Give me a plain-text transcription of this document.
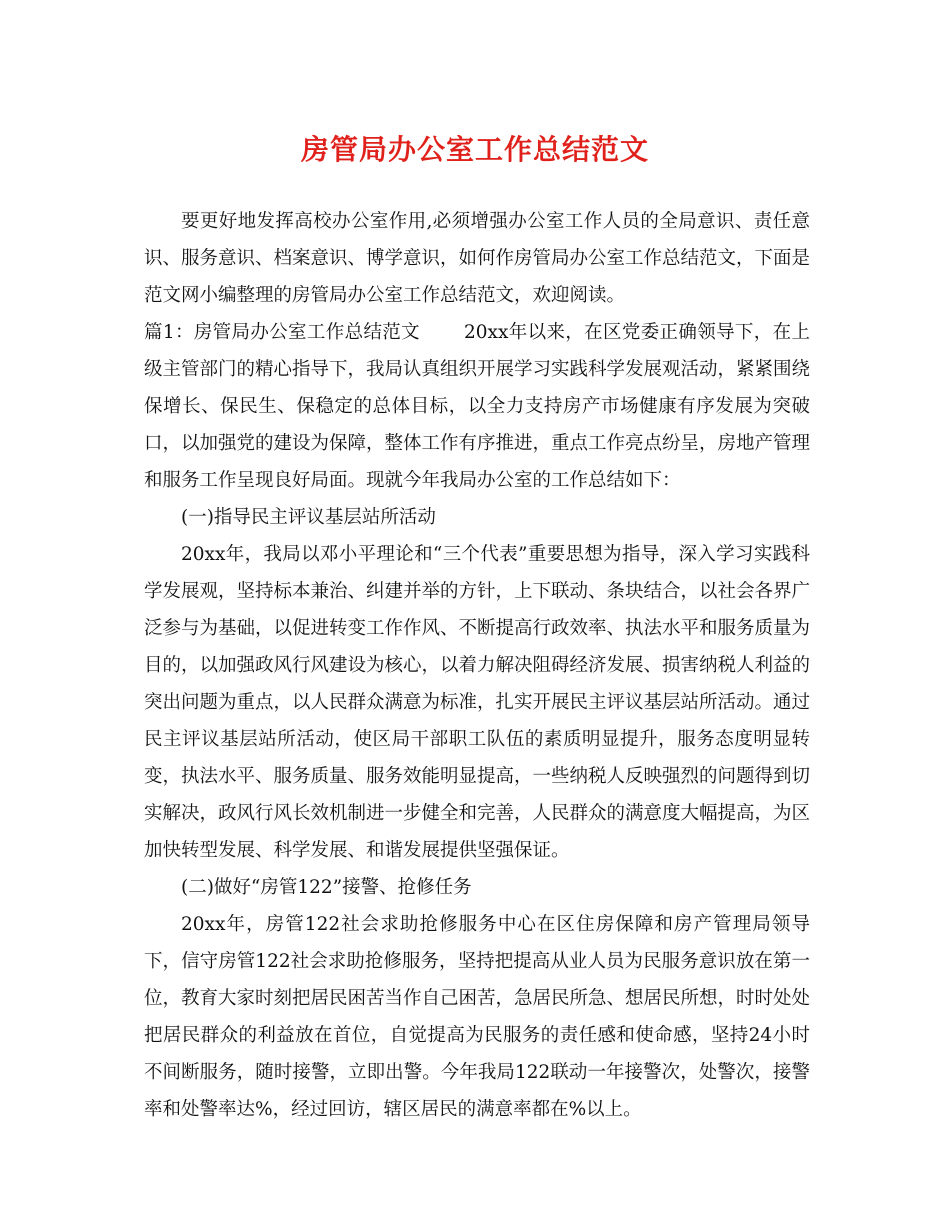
房管局办公室工作总结范文

要更好地发挥高校办公室作用,必须增强办公室工作人员的全局意识、责任意识、服务意识、档案意识、博学意识，如何作房管局办公室工作总结范文，下面是范文网小编整理的房管局办公室工作总结范文，欢迎阅读。

篇1：房管局办公室工作总结范文 20xx年以来，在区党委正确领导下，在上级主管部门的精心指导下，我局认真组织开展学习实践科学发展观活动，紧紧围绕保增长、保民生、保稳定的总体目标，以全力支持房产市场健康有序发展为突破口，以加强党的建设为保障，整体工作有序推进，重点工作亮点纷呈，房地产管理和服务工作呈现良好局面。现就今年我局办公室的工作总结如下：

(一)指导民主评议基层站所活动

20xx年，我局以邓小平理论和“三个代表”重要思想为指导，深入学习实践科学发展观，坚持标本兼治、纠建并举的方针，上下联动、条块结合，以社会各界广泛参与为基础，以促进转变工作作风、不断提高行政效率、执法水平和服务质量为目的，以加强政风行风建设为核心，以着力解决阻碍经济发展、损害纳税人利益的突出问题为重点，以人民群众满意为标准，扎实开展民主评议基层站所活动。通过民主评议基层站所活动，使区局干部职工队伍的素质明显提升，服务态度明显转变，执法水平、服务质量、服务效能明显提高，一些纳税人反映强烈的问题得到切实解决，政风行风长效机制进一步健全和完善，人民群众的满意度大幅提高，为区加快转型发展、科学发展、和谐发展提供坚强保证。

(二)做好“房管122”接警、抢修任务

20xx年，房管122社会求助抢修服务中心在区住房保障和房产管理局领导下，信守房管122社会求助抢修服务，坚持把提高从业人员为民服务意识放在第一位，教育大家时刻把居民困苦当作自己困苦，急居民所急、想居民所想，时时处处把居民群众的利益放在首位，自觉提高为民服务的责任感和使命感，坚持24小时不间断服务，随时接警，立即出警。今年我局122联动一年接警次，处警次，接警率和处警率达%，经过回访，辖区居民的满意率都在%以上。
